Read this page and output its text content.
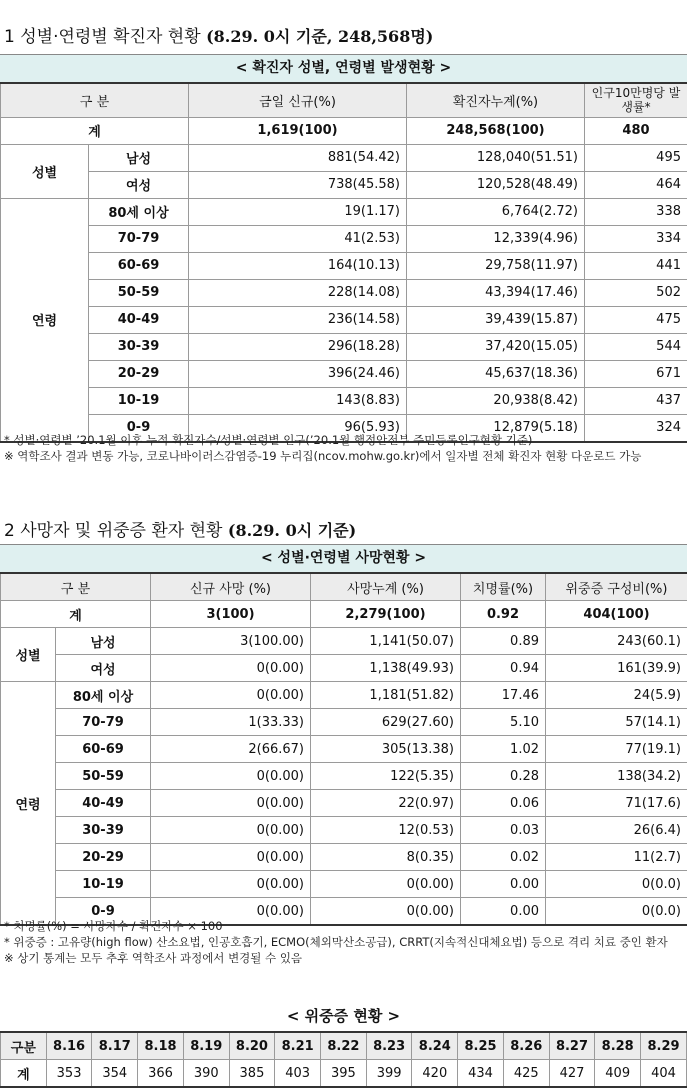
1 성별·연령별 확진자 현황 (8.29. 0시 기준, 248,568명)
< 확진자 성별, 연령별 발생현황 >
구 분		금일 신규(%)	확진자누계(%)	인구10만명당 발생률*
계		1,619(100)	248,568(100)	480
성별	남성	881(54.42)	128,040(51.51)	495
	여성	738(45.58)	120,528(48.49)	464
연령	80세 이상	19(1.17)	6,764(2.72)	338
	70-79	41(2.53)	12,339(4.96)	334
	60-69	164(10.13)	29,758(11.97)	441
	50-59	228(14.08)	43,394(17.46)	502
	40-49	236(14.58)	39,439(15.87)	475
	30-39	296(18.28)	37,420(15.05)	544
	20-29	396(24.46)	45,637(18.36)	671
	10-19	143(8.83)	20,938(8.42)	437
	0-9	96(5.93)	12,879(5.18)	324
* 성별·연령별 ’20.1월 이후 누적 확진자수/성별·연령별 인구(’20.1월 행정안전부 주민등록인구현황 기준)
※ 역학조사 결과 변동 가능, 코로나바이러스감염증-19 누리집(ncov.mohw.go.kr)에서 일자별 전체 확진자 현황 다운로드 가능
2 사망자 및 위중증 환자 현황 (8.29. 0시 기준)
< 성별·연령별 사망현황 >
구 분		신규 사망 (%)	사망누계 (%)	치명률(%)	위중증 구성비(%)
계		3(100)	2,279(100)	0.92	404(100)
성별	남성	3(100.00)	1,141(50.07)	0.89	243(60.1)
	여성	0(0.00)	1,138(49.93)	0.94	161(39.9)
연령	80세 이상	0(0.00)	1,181(51.82)	17.46	24(5.9)
	70-79	1(33.33)	629(27.60)	5.10	57(14.1)
	60-69	2(66.67)	305(13.38)	1.02	77(19.1)
	50-59	0(0.00)	122(5.35)	0.28	138(34.2)
	40-49	0(0.00)	22(0.97)	0.06	71(17.6)
	30-39	0(0.00)	12(0.53)	0.03	26(6.4)
	20-29	0(0.00)	8(0.35)	0.02	11(2.7)
	10-19	0(0.00)	0(0.00)	0.00	0(0.0)
	0-9	0(0.00)	0(0.00)	0.00	0(0.0)
* 치명률(%) = 사망자수 / 확진자수 × 100
* 위중증 : 고유량(high flow) 산소요법, 인공호흡기, ECMO(체외막산소공급), CRRT(지속적신대체요법) 등으로 격리 치료 중인 환자
※ 상기 통계는 모두 추후 역학조사 과정에서 변경될 수 있음
< 위중증 현황 >
구분	8.16	8.17	8.18	8.19	8.20	8.21	8.22	8.23	8.24	8.25	8.26	8.27	8.28	8.29
계	353	354	366	390	385	403	395	399	420	434	425	427	409	404
